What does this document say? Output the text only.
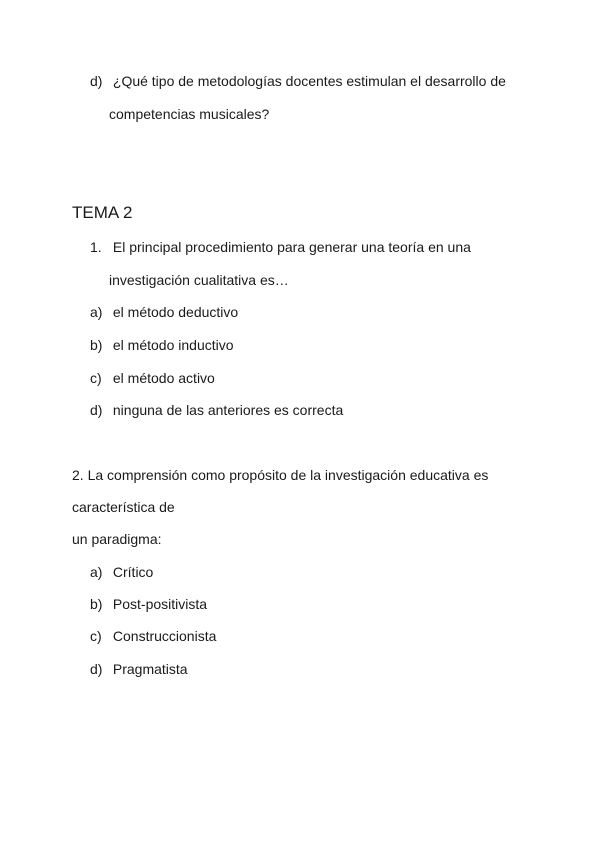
d) ¿Qué tipo de metodologías docentes estimulan el desarrollo de
competencias musicales?
TEMA 2
1. El principal procedimiento para generar una teoría en una
investigación cualitativa es…
a) el método deductivo
b) el método inductivo
c) el método activo
d) ninguna de las anteriores es correcta
2. La comprensión como propósito de la investigación educativa es
característica de
un paradigma:
a) Crítico
b) Post-positivista
c) Construccionista
d) Pragmatista
